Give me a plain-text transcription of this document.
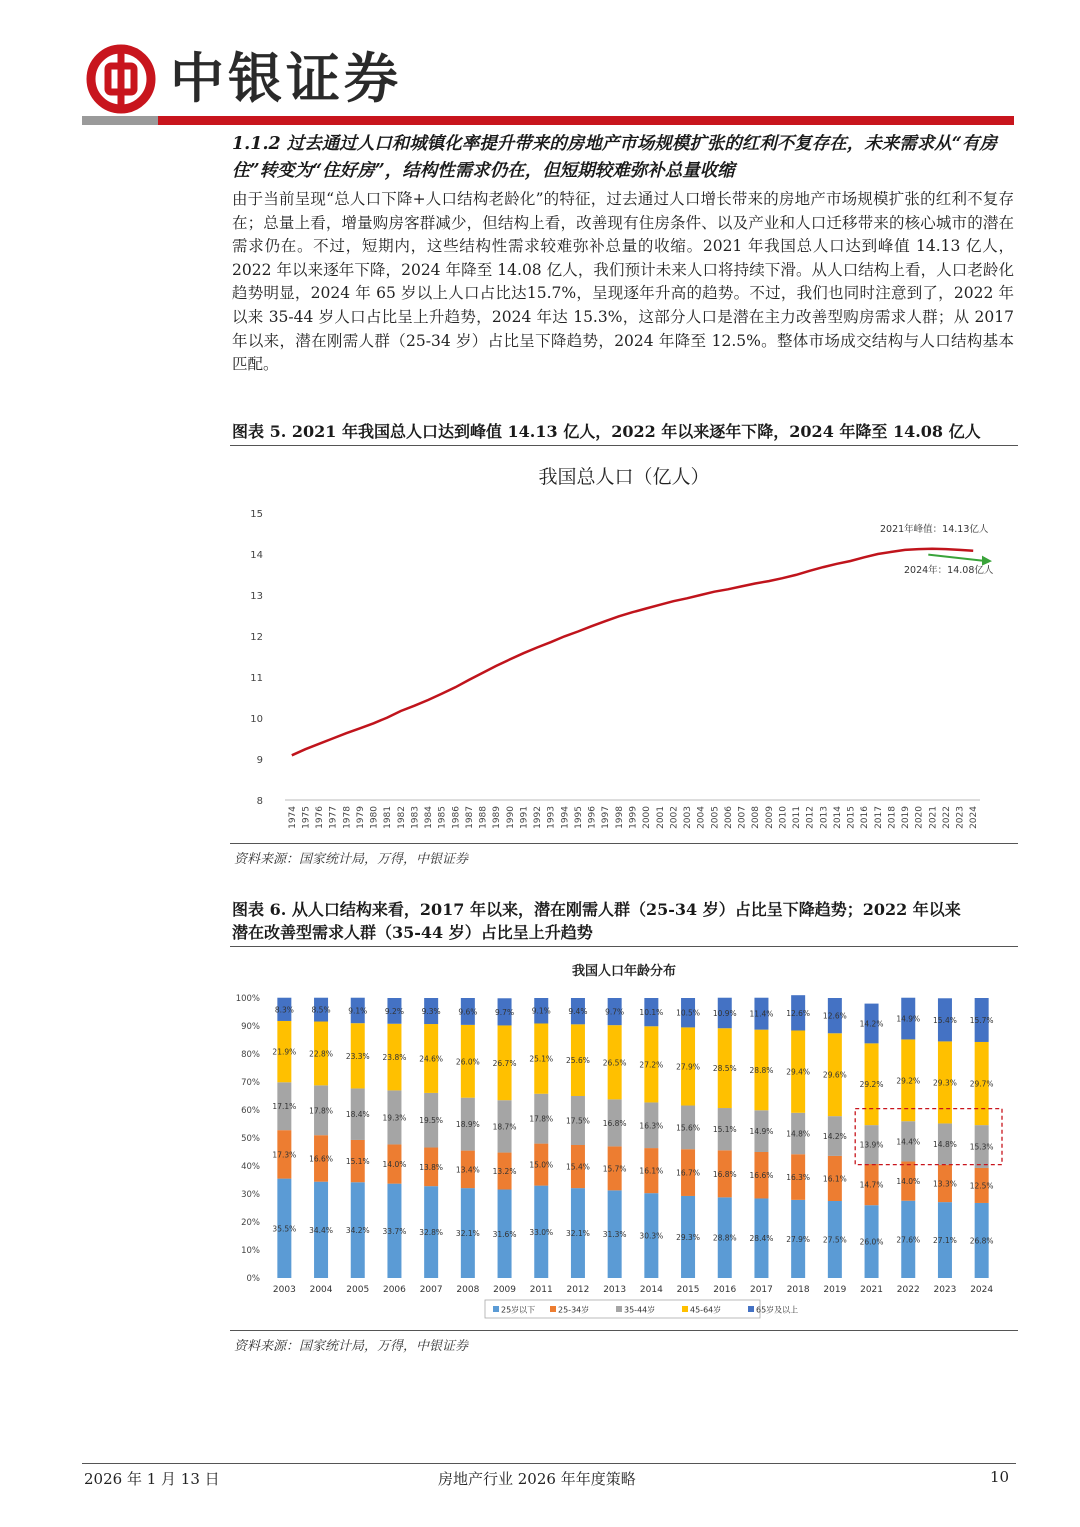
中银证券
1.1.2 过去通过人口和城镇化率提升带来的房地产市场规模扩张的红利不复存在，未来需求从“有房住”转变为“住好房”，结构性需求仍在，但短期较难弥补总量收缩
由于当前呈现“总人口下降+人口结构老龄化”的特征，过去通过人口增长带来的房地产市场规模扩张的红利不复存在；总量上看，增量购房客群减少，但结构上看，改善现有住房条件、以及产业和人口迁移带来的核心城市的潜在需求仍在。不过，短期内，这些结构性需求较难弥补总量的收缩。2021 年我国总人口达到峰值 14.13 亿人，2022 年以来逐年下降，2024 年降至 14.08 亿人，我们预计未来人口将持续下滑。从人口结构上看，人口老龄化趋势明显，2024 年 65 岁以上人口占比达15.7%，呈现逐年升高的趋势。不过，我们也同时注意到了，2022 年以来 35-44 岁人口占比呈上升趋势，2024 年达 15.3%，这部分人口是潜在主力改善型购房需求人群；从 2017 年以来，潜在刚需人群（25-34 岁）占比呈下降趋势，2024 年降至 12.5%。整体市场成交结构与人口结构基本匹配。
图表 5. 2021 年我国总人口达到峰值 14.13 亿人，2022 年以来逐年下降，2024 年降至 14.08 亿人
我国总人口（亿人）
15
14
13
12
11
10
9
8
1974 1975 1976 1977 1978 1979 1980 1981 1982 1983 1984 1985 1986 1987 1988 1989 1990 1991 1992 1993 1994 1995 1996 1997 1998 1999 2000 2001 2002 2003 2004 2005 2006 2007 2008 2009 2010 2011 2012 2013 2014 2015 2016 2017 2018 2019 2020 2021 2022 2023 2024
2021年峰值：14.13亿人
2024年：14.08亿人
资料来源：国家统计局，万得，中银证券
图表 6. 从人口结构来看，2017 年以来，潜在刚需人群（25-34 岁）占比呈下降趋势；2022 年以来
潜在改善型需求人群（35-44 岁）占比呈上升趋势
我国人口年龄分布
100%
90%
80%
70%
60%
50%
40%
30%
20%
10%
0%
35.5%
17.3%
17.1%
21.9%
8.3%
2003
34.4%
16.6%
17.8%
22.8%
8.5%
2004
34.2%
15.1%
18.4%
23.3%
9.1%
2005
33.7%
14.0%
19.3%
23.8%
9.2%
2006
32.8%
13.8%
19.5%
24.6%
9.3%
2007
32.1%
13.4%
18.9%
26.0%
9.6%
2008
31.6%
13.2%
18.7%
26.7%
9.7%
2009
33.0%
15.0%
17.8%
25.1%
9.1%
2011
32.1%
15.4%
17.5%
25.6%
9.4%
2012
31.3%
15.7%
16.8%
26.5%
9.7%
2013
30.3%
16.1%
16.3%
27.2%
10.1%
2014
29.3%
16.7%
15.6%
27.9%
10.5%
2015
28.8%
16.8%
15.1%
28.5%
10.9%
2016
28.4%
16.6%
14.9%
28.8%
11.4%
2017
27.9%
16.3%
14.8%
29.4%
12.6%
2018
27.5%
16.1%
14.2%
29.6%
12.6%
2019
26.0%
14.7%
13.9%
29.2%
14.2%
2021
27.6%
14.0%
14.4%
29.2%
14.9%
2022
27.1%
13.3%
14.8%
29.3%
15.4%
2023
26.8%
12.5%
15.3%
29.7%
15.7%
2024
25岁以下	25-34岁	35-44岁	45-64岁	65岁及以上
资料来源：国家统计局，万得，中银证券
2026 年 1 月 13 日	房地产行业 2026 年年度策略	10
